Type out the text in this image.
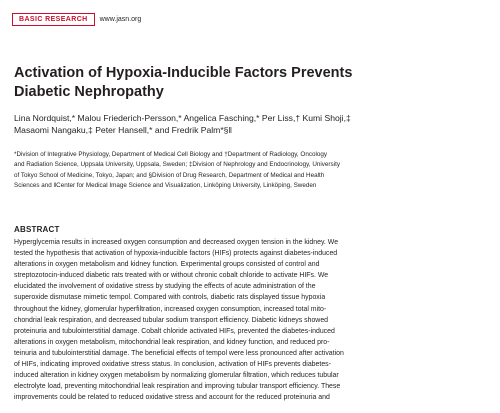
BASIC RESEARCH	www.jasn.org
Activation of Hypoxia-Inducible Factors Prevents
Diabetic Nephropathy

Lina Nordquist,* Malou Friederich-Persson,* Angelica Fasching,* Per Liss,† Kumi Shoji,‡
Masaomi Nangaku,‡ Peter Hansell,* and Fredrik Palm*§‖

*Division of Integrative Physiology, Department of Medical Cell Biology and †Department of Radiology, Oncology
and Radiation Science, Uppsala University, Uppsala, Sweden; ‡Division of Nephrology and Endocrinology, University
of Tokyo School of Medicine, Tokyo, Japan; and §Division of Drug Research, Department of Medical and Health
Sciences and ‖Center for Medical Image Science and Visualization, Linköping University, Linköping, Sweden

ABSTRACT
Hyperglycemia results in increased oxygen consumption and decreased oxygen tension in the kidney. We
tested the hypothesis that activation of hypoxia-inducible factors (HIFs) protects against diabetes-induced
alterations in oxygen metabolism and kidney function. Experimental groups consisted of control and
streptozotocin-induced diabetic rats treated with or without chronic cobalt chloride to activate HIFs. We
elucidated the involvement of oxidative stress by studying the effects of acute administration of the
superoxide dismutase mimetic tempol. Compared with controls, diabetic rats displayed tissue hypoxia
throughout the kidney, glomerular hyperfiltration, increased oxygen consumption, increased total mito-
chondrial leak respiration, and decreased tubular sodium transport efficiency. Diabetic kidneys showed
proteinuria and tubulointerstitial damage. Cobalt chloride activated HIFs, prevented the diabetes-induced
alterations in oxygen metabolism, mitochondrial leak respiration, and kidney function, and reduced pro-
teinuria and tubulointerstitial damage. The beneficial effects of tempol were less pronounced after activation
of HIFs, indicating improved oxidative stress status. In conclusion, activation of HIFs prevents diabetes-
induced alteration in kidney oxygen metabolism by normalizing glomerular filtration, which reduces tubular
electrolyte load, preventing mitochondrial leak respiration and improving tubular transport efficiency. These
improvements could be related to reduced oxidative stress and account for the reduced proteinuria and
